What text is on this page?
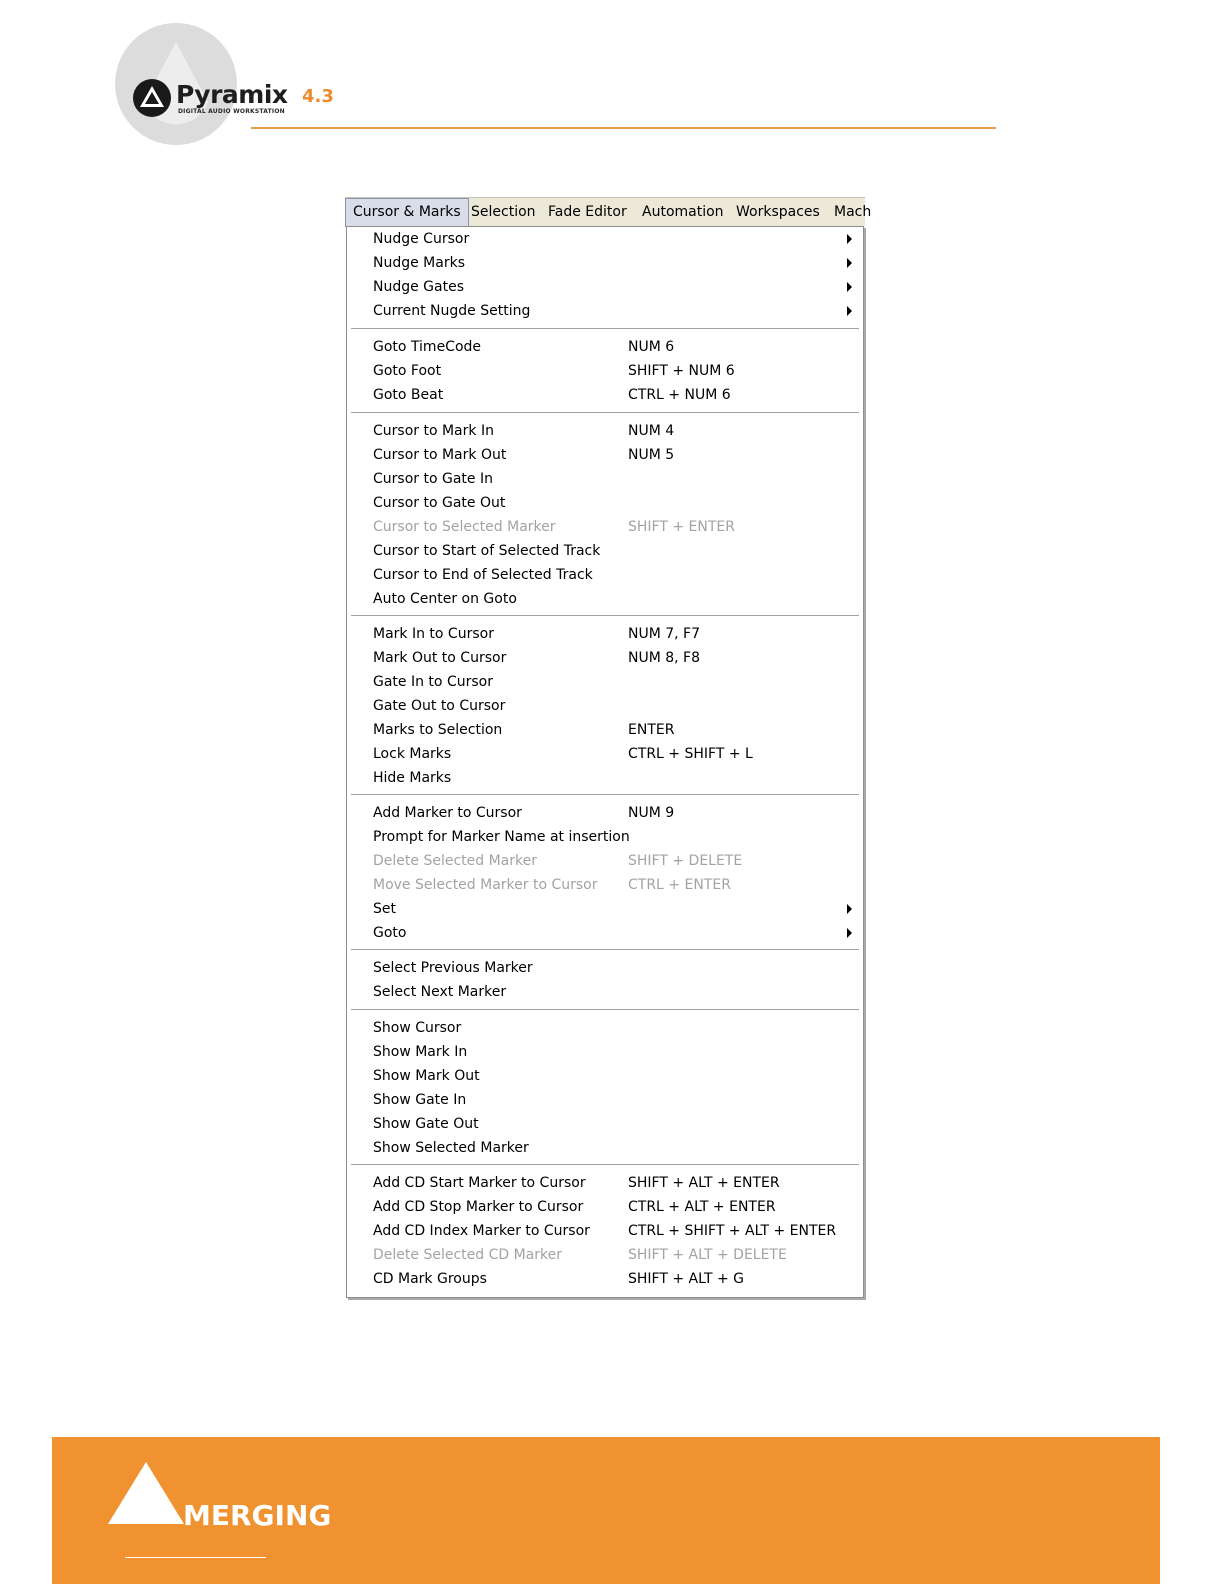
Pyramix 4.3
DIGITAL AUDIO WORKSTATION
Cursor & Marks Selection Fade Editor	Automation Workspaces	Mach
Nudge Cursor
Nudge Marks
Nudge Gates
Current Nugde Setting
Goto TimeCode	NUM 6
Goto Foot	SHIFT + NUM 6
Goto Beat	CTRL + NUM 6
Cursor to Mark In	NUM 4
Cursor to Mark Out	NUM 5
Cursor to Gate In
Cursor to Gate Out
Cursor to Selected Marker	SHIFT + ENTER
Cursor to Start of Selected Track
Cursor to End of Selected Track
Auto Center on Goto
Mark In to Cursor	NUM 7, F7
Mark Out to Cursor	NUM 8, F8
Gate In to Cursor
Gate Out to Cursor
Marks to Selection	ENTER
Lock Marks	CTRL + SHIFT + L
Hide Marks
Add Marker to Cursor	NUM 9
Prompt for Marker Name at insertion
Delete Selected Marker	SHIFT + DELETE
Move Selected Marker to Cursor CTRL + ENTER
Set
Goto
Select Previous Marker
Select Next Marker
Show Cursor
Show Mark In
Show Mark Out
Show Gate In
Show Gate Out
Show Selected Marker
Add CD Start Marker to Cursor	SHIFT + ALT + ENTER
Add CD Stop Marker to Cursor	CTRL + ALT + ENTER
Add CD Index Marker to Cursor	CTRL + SHIFT + ALT + ENTER
Delete Selected CD Marker	SHIFT + ALT + DELETE
CD Mark Groups	SHIFT + ALT + G
MERGING
